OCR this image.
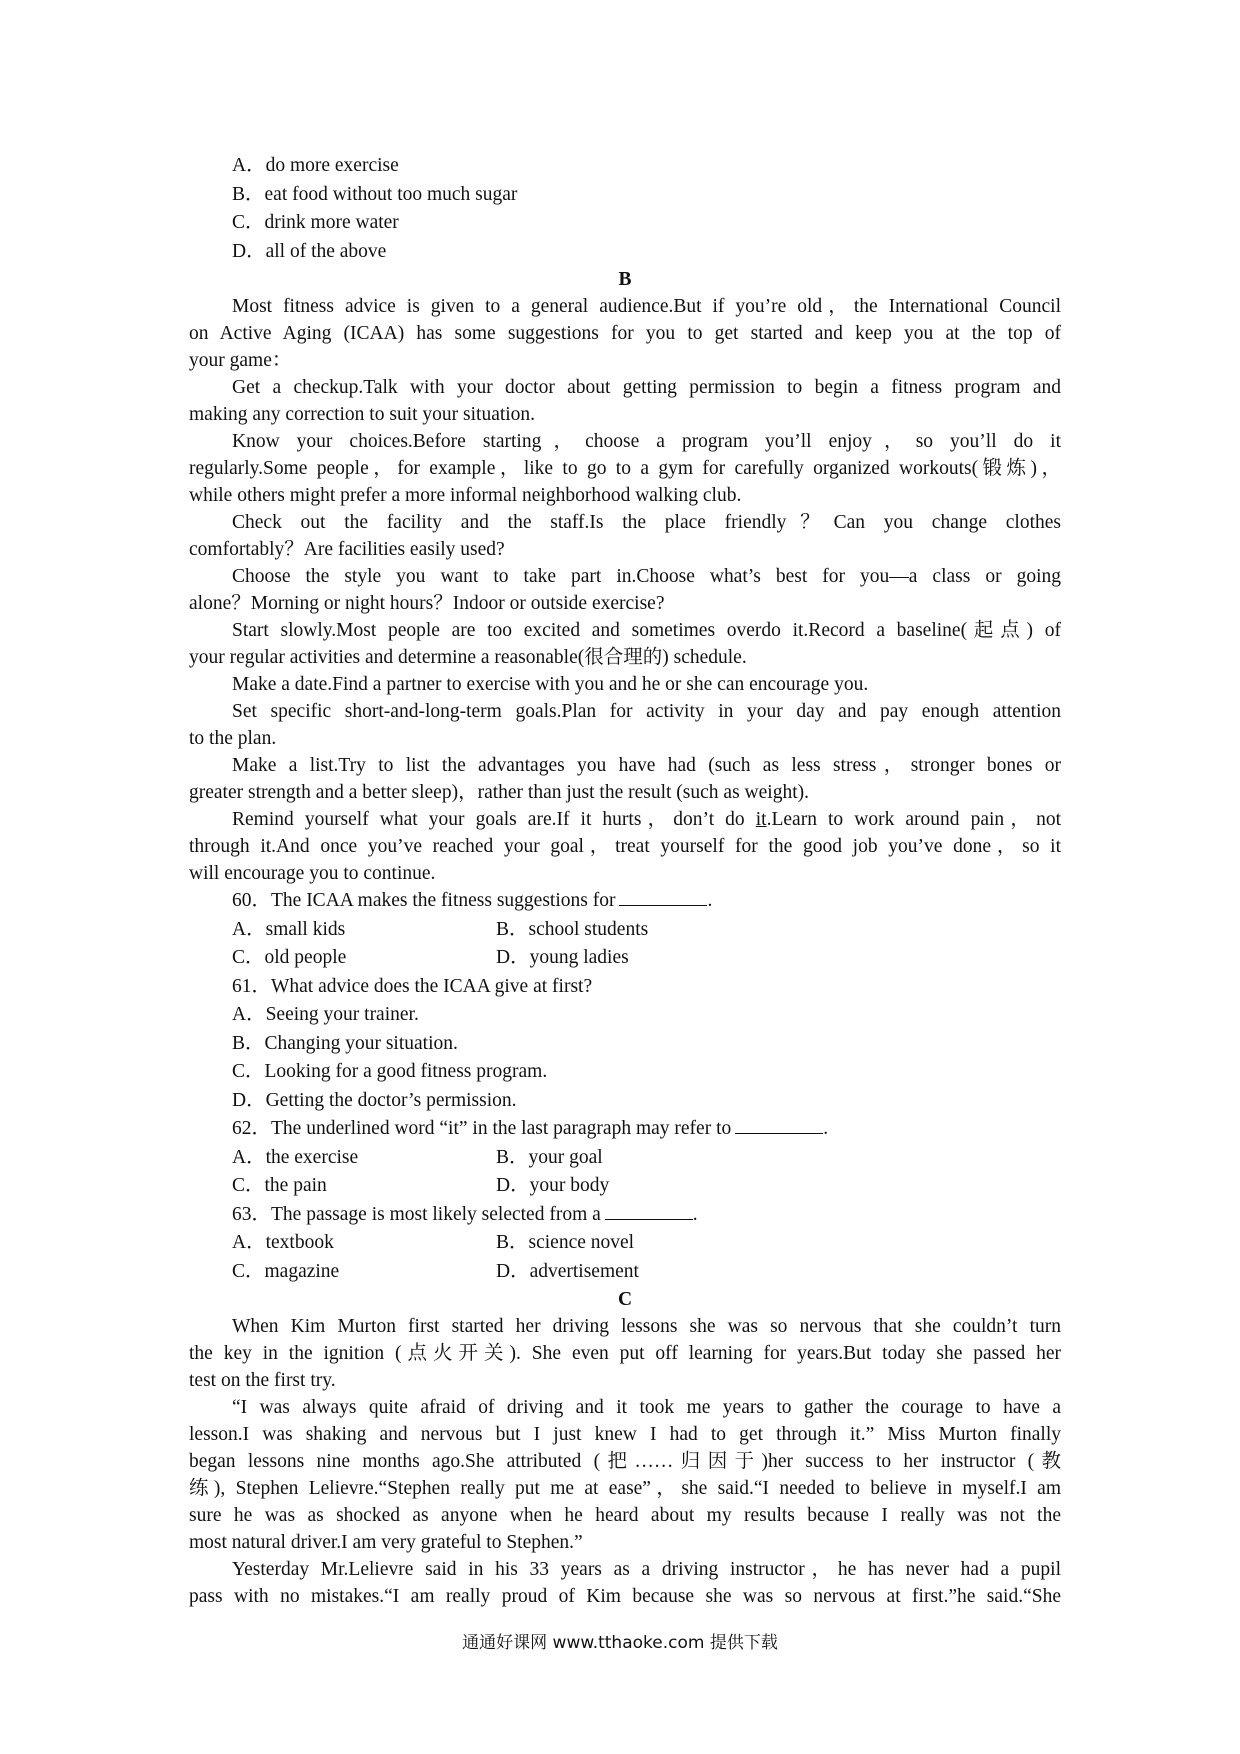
A．do more exercise

B．eat food without too much sugar

C．drink more water

D．all of the above

B

Most fitness advice is given to a general audience.But if you’re old，the International Council

on Active Aging (ICAA) has some suggestions for you to get started and keep you at the top of

your game：

Get a checkup.Talk with your doctor about getting permission to begin a fitness program and

making any correction to suit your situation.

Know your choices.Before starting，choose a program you’ll enjoy，so you’ll do it

regularly.Some people，for example，like to go to a gym for carefully organized workouts(锻炼)，

while others might prefer a more informal neighborhood walking club.

Check out the facility and the staff.Is the place friendly？Can you change clothes

comfortably？Are facilities easily used?

Choose the style you want to take part in.Choose what’s best for you—a class or going

alone？Morning or night hours？Indoor or outside exercise?

Start slowly.Most people are too excited and sometimes overdo it.Record a baseline(起点) of

your regular activities and determine a reasonable(很合理的) schedule.

Make a date.Find a partner to exercise with you and he or she can encourage you.

Set specific short-and-long-term goals.Plan for activity in your day and pay enough attention

to the plan.

Make a list.Try to list the advantages you have had (such as less stress，stronger bones or

greater strength and a better sleep)，rather than just the result (such as weight).

Remind yourself what your goals are.If it hurts，don’t do it.Learn to work around pain，not

through it.And once you’ve reached your goal，treat yourself for the good job you’ve done，so it

will encourage you to continue.

60．The ICAA makes the fitness suggestions for	.

A．small kids	B．school students
C．old people	D．young ladies

61．What advice does the ICAA give at first?

A．Seeing your trainer.

B．Changing your situation.

C．Looking for a good fitness program.

D．Getting the doctor’s permission.

62．The underlined word “it” in the last paragraph may refer to	.

A．the exercise	B．your goal
C．the pain	D．your body

63．The passage is most likely selected from a	.

A．textbook	B．science novel
C．magazine	D．advertisement

C

When Kim Murton first started her driving lessons she was so nervous that she couldn’t turn

the key in the ignition (点火开关). She even put off learning for years.But today she passed her

test on the first try.

“I was always quite afraid of driving and it took me years to gather the courage to have a

lesson.I was shaking and nervous but I just knew I had to get through it.” Miss Murton finally

began lessons nine months ago.She attributed (把……归因于)her success to her instructor (教

练), Stephen Lelievre.“Stephen really put me at ease”，she said.“I needed to believe in myself.I am

sure he was as shocked as anyone when he heard about my results because I really was not the

most natural driver.I am very grateful to Stephen.”

Yesterday Mr.Lelievre said in his 33 years as a driving instructor，he has never had a pupil

pass with no mistakes.“I am really proud of Kim because she was so nervous at first.”he said.“She

通通好课网 www.tthaoke.com 提供下载
